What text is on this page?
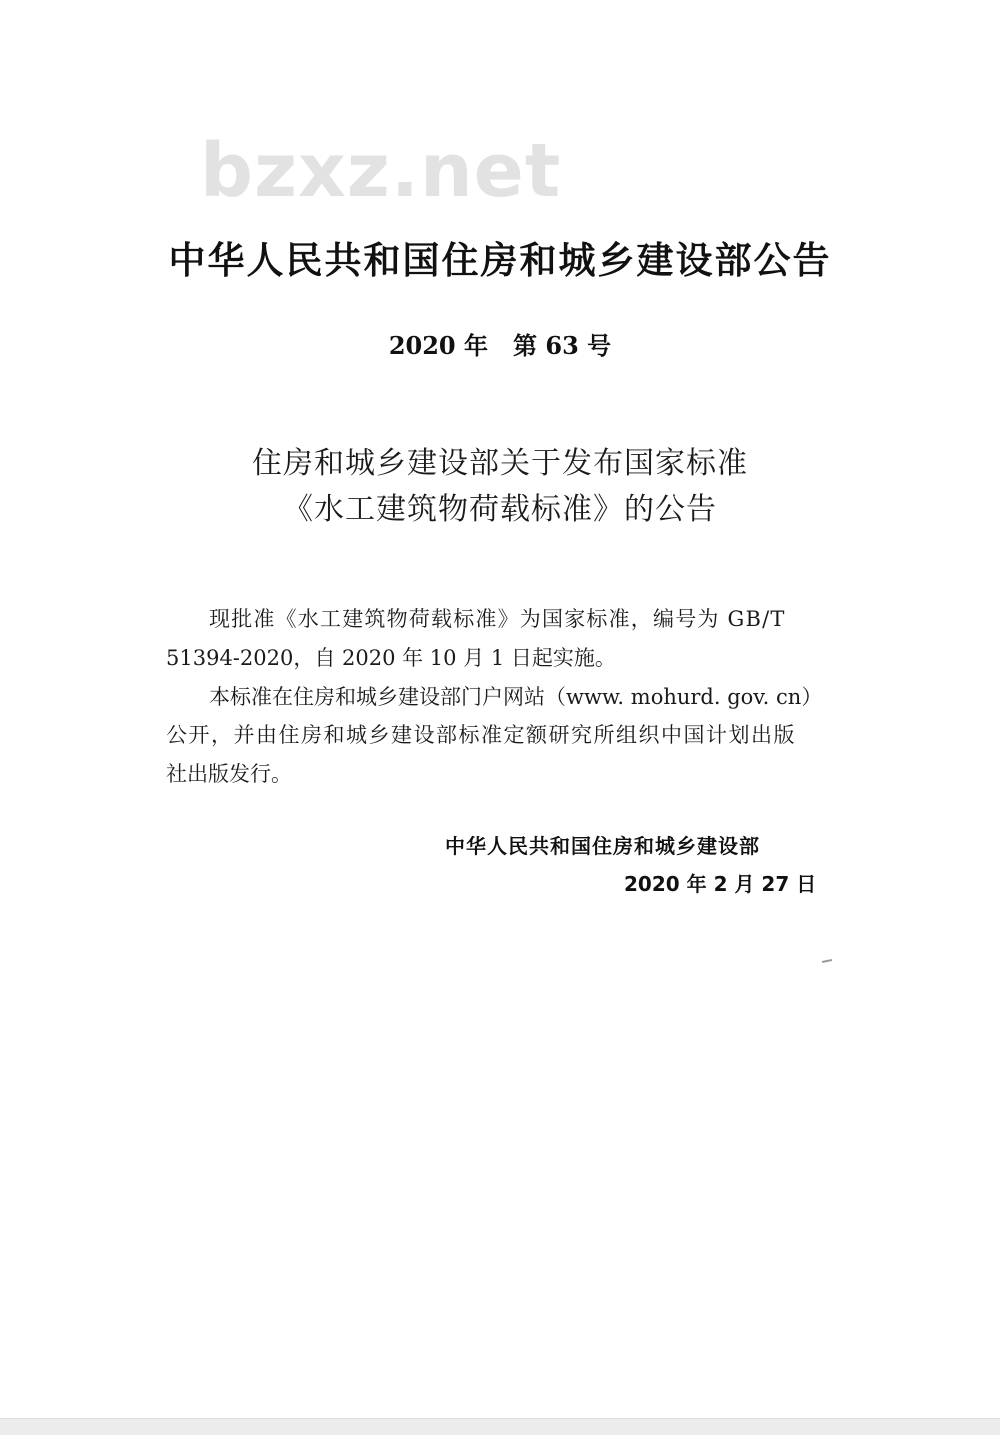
bzxz.net
中华人民共和国住房和城乡建设部公告
2020 年   第 63 号
住房和城乡建设部关于发布国家标准
《水工建筑物荷载标准》的公告
现批准《水工建筑物荷载标准》为国家标准，编号为 GB/T
51394-2020，自 2020 年 10 月 1 日起实施。
本标准在住房和城乡建设部门户网站（www. mohurd. gov. cn）
公开，并由住房和城乡建设部标准定额研究所组织中国计划出版
社出版发行。
中华人民共和国住房和城乡建设部
2020 年 2 月 27 日
